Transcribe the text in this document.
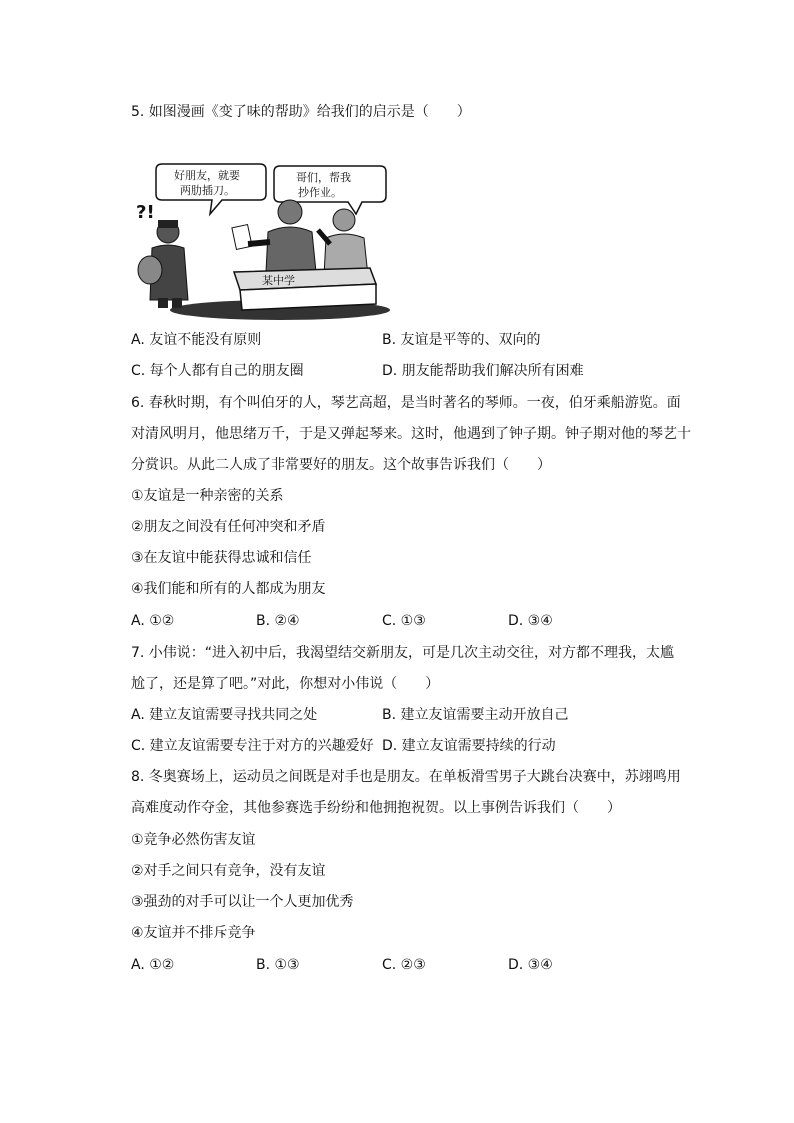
5. 如图漫画《变了味的帮助》给我们的启示是（　　）
好朋友，就要
两肋插刀。
哥们，帮我
抄作业。
?!
某中学
A. 友谊不能没有原则	B. 友谊是平等的、双向的
C. 每个人都有自己的朋友圈	D. 朋友能帮助我们解决所有困难
6. 春秋时期，有个叫伯牙的人，琴艺高超，是当时著名的琴师。一夜，伯牙乘船游览。面
对清风明月，他思绪万千，于是又弹起琴来。这时，他遇到了钟子期。钟子期对他的琴艺十
分赏识。从此二人成了非常要好的朋友。这个故事告诉我们（　　）
①友谊是一种亲密的关系
②朋友之间没有任何冲突和矛盾
③在友谊中能获得忠诚和信任
④我们能和所有的人都成为朋友
A. ①②	B. ②④	C. ①③	D. ③④
7. 小伟说：“进入初中后，我渴望结交新朋友，可是几次主动交往，对方都不理我，太尴
尬了，还是算了吧。”对此，你想对小伟说（　　）
A. 建立友谊需要寻找共同之处	B. 建立友谊需要主动开放自己
C. 建立友谊需要专注于对方的兴趣爱好 D. 建立友谊需要持续的行动
8. 冬奥赛场上，运动员之间既是对手也是朋友。在单板滑雪男子大跳台决赛中，苏翊鸣用
高难度动作夺金，其他参赛选手纷纷和他拥抱祝贺。以上事例告诉我们（　　）
①竞争必然伤害友谊
②对手之间只有竞争，没有友谊
③强劲的对手可以让一个人更加优秀
④友谊并不排斥竞争
A. ①②	B. ①③	C. ②③	D. ③④
